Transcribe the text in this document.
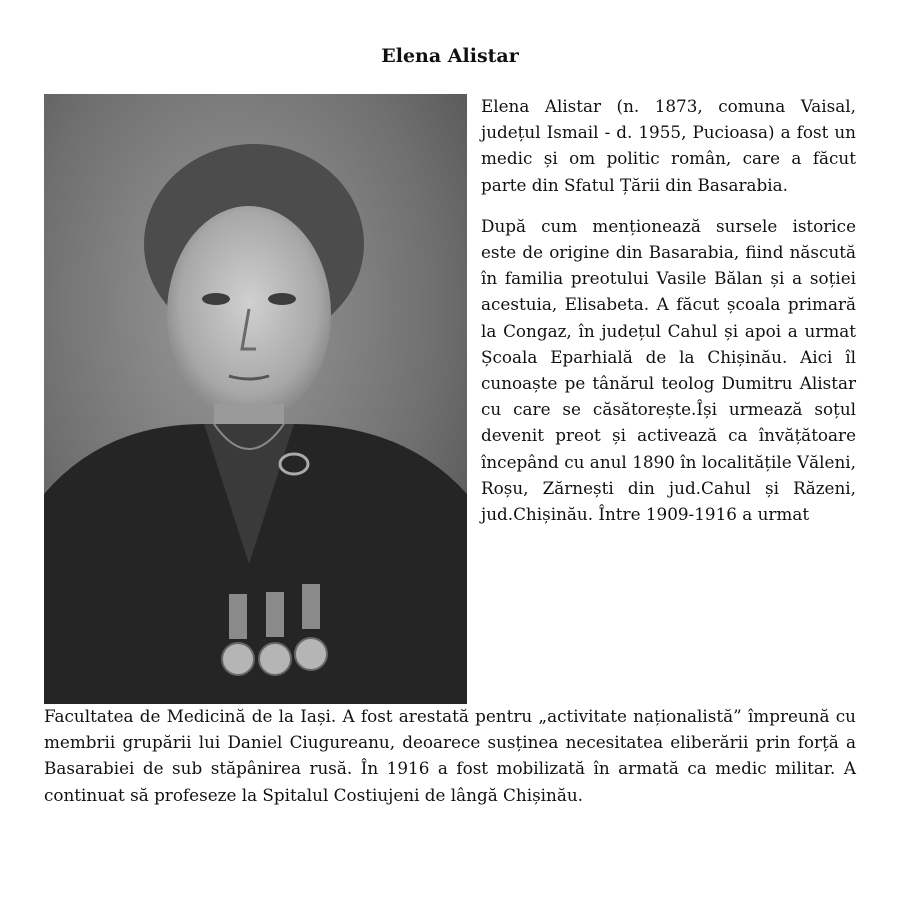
Elena Alistar

Elena Alistar (n. 1873, comuna Vaisal, județul Ismail - d. 1955, Pucioasa) a fost un medic și om politic român, care a făcut parte din Sfatul Țării din Basarabia.

După cum menționează sursele istorice este de origine din Basarabia, fiind născută în familia preotului Vasile Bălan și a soției acestuia, Elisabeta. A făcut școala primară la Congaz, în județul Cahul și apoi a urmat Școala Eparhială de la Chișinău. Aici îl cunoaște pe tânărul teolog Dumitru Alistar cu care se căsătorește.Își urmează soțul devenit preot și activează ca învățătoare începând cu anul 1890 în localitățile Văleni, Roșu, Zărnești din jud.Cahul și Răzeni, jud.Chișinău. Între 1909-1916 a urmat

Facultatea de Medicină de la Iași. A fost arestată pentru „activitate naționalistă” împreună cu membrii grupării lui Daniel Ciugureanu, deoarece susținea necesitatea eliberării prin forță a Basarabiei de sub stăpânirea rusă. În 1916 a fost mobilizată în armată ca medic militar. A continuat să profeseze la Spitalul Costiujeni de lângă Chișinău.
